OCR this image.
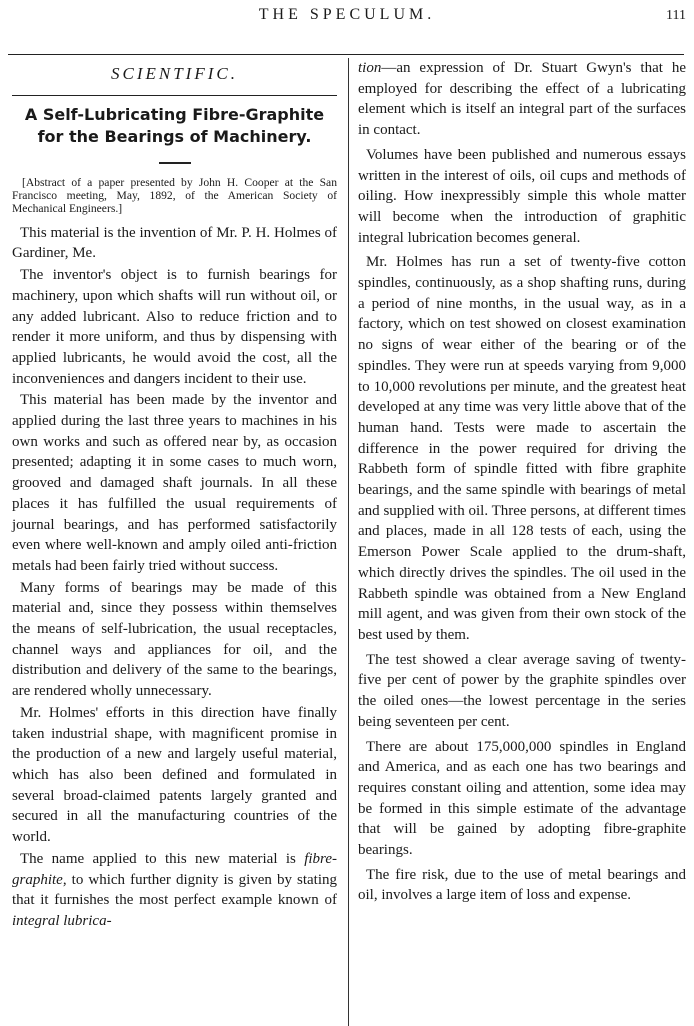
THE SPECULUM.	111
SCIENTIFIC.
A Self-Lubricating Fibre-Graphite for the Bearings of Machinery.
[Abstract of a paper presented by John H. Cooper at the San Francisco meeting, May, 1892, of the American Society of Mechanical Engineers.]

This material is the invention of Mr. P. H. Holmes of Gardiner, Me.

The inventor's object is to furnish bearings for machinery, upon which shafts will run without oil, or any added lubricant. Also to reduce friction and to render it more uniform, and thus by dispensing with applied lubricants, he would avoid the cost, all the inconveniences and dangers incident to their use.

This material has been made by the inventor and applied during the last three years to machines in his own works and such as offered near by, as occasion presented; adapting it in some cases to much worn, grooved and damaged shaft journals. In all these places it has fulfilled the usual requirements of journal bearings, and has performed satisfactorily even where well-known and amply oiled anti-friction metals had been fairly tried without success.

Many forms of bearings may be made of this material and, since they possess within themselves the means of self-lubrication, the usual receptacles, channel ways and appliances for oil, and the distribution and delivery of the same to the bearings, are rendered wholly unnecessary.

Mr. Holmes' efforts in this direction have finally taken industrial shape, with magnificent promise in the production of a new and largely useful material, which has also been defined and formulated in several broad-claimed patents largely granted and secured in all the manufacturing countries of the world.

The name applied to this new material is fibre-graphite, to which further dignity is given by stating that it furnishes the most perfect example known of integral lubrica-

tion—an expression of Dr. Stuart Gwyn's that he employed for describing the effect of a lubricating element which is itself an integral part of the surfaces in contact.

Volumes have been published and numerous essays written in the interest of oils, oil cups and methods of oiling. How inexpressibly simple this whole matter will become when the introduction of graphitic integral lubrication becomes general.

Mr. Holmes has run a set of twenty-five cotton spindles, continuously, as a shop shafting runs, during a period of nine months, in the usual way, as in a factory, which on test showed on closest examination no signs of wear either of the bearing or of the spindles. They were run at speeds varying from 9,000 to 10,000 revolutions per minute, and the greatest heat developed at any time was very little above that of the human hand. Tests were made to ascertain the difference in the power required for driving the Rabbeth form of spindle fitted with fibre graphite bearings, and the same spindle with bearings of metal and supplied with oil. Three persons, at different times and places, made in all 128 tests of each, using the Emerson Power Scale applied to the drum-shaft, which directly drives the spindles. The oil used in the Rabbeth spindle was obtained from a New England mill agent, and was given from their own stock of the best used by them.

The test showed a clear average saving of twenty-five per cent of power by the graphite spindles over the oiled ones—the lowest percentage in the series being seventeen per cent.

There are about 175,000,000 spindles in England and America, and as each one has two bearings and requires constant oiling and attention, some idea may be formed in this simple estimate of the advantage that will be gained by adopting fibre-graphite bearings.

The fire risk, due to the use of metal bearings and oil, involves a large item of loss and expense.
